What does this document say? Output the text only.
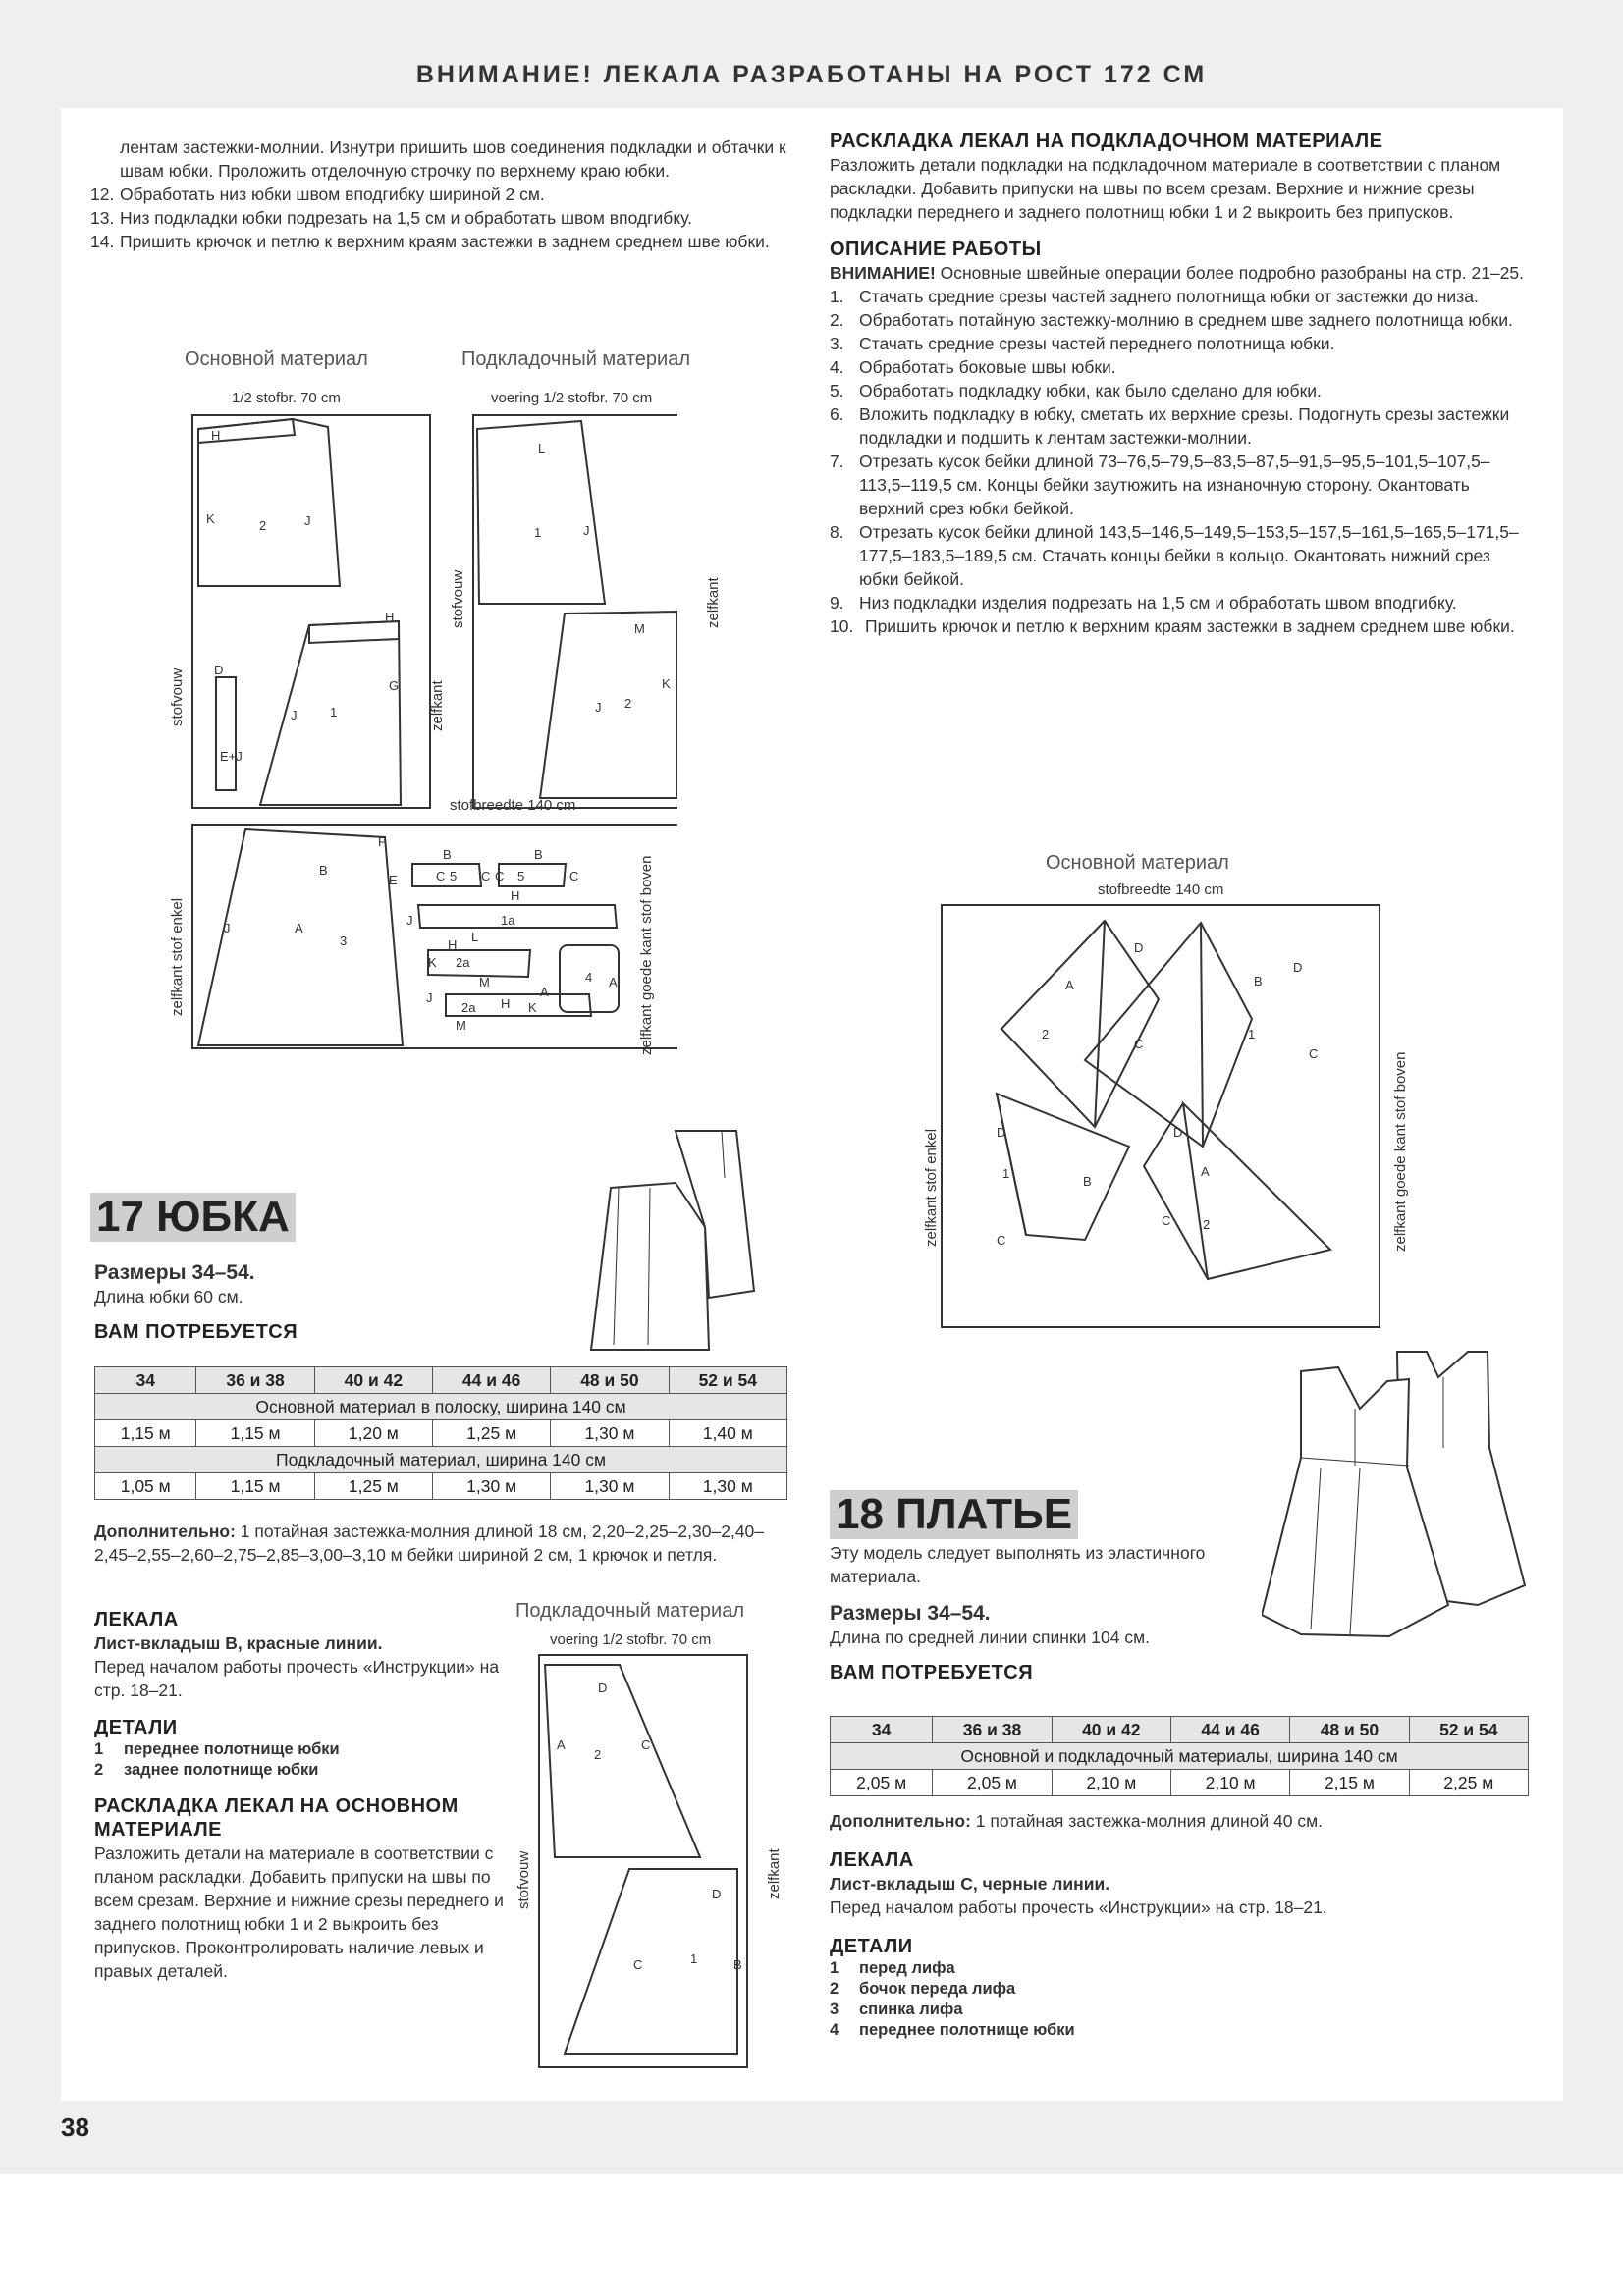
ВНИМАНИЕ! ЛЕКАЛА РАЗРАБОТАНЫ НА РОСТ 172 СМ

лентам застежки-молнии. Изнутри пришить шов соединения подкладки и обтачки к швам юбки. Проложить отделочную строчку по верхнему краю юбки.

12. Обработать низ юбки швом вподгибку шириной 2 см.
13. Низ подкладки юбки подрезать на 1,5 см и обработать швом вподгибку.
14. Пришить крючок и петлю к верхним краям застежки в заднем среднем шве юбки.
Основной материал	Подкладочный материал
1/2 stofbr. 70 cm	voering 1/2 stofbr. 70 cm
stofbreedte 140 cm
H
K	2	J
H
G
J	1
D
E+J
L
1	J
M
J 2
K
F
B
E
J	A
3
B	B
C 5 C C 5	C
H
1a
J
L
K 2a
H
M
J
2a H K
M
4
A
A
stofvouw	zelfkant
stofvouw	zelfkant
zelfkant stof enkel	zelfkant goede kant stof boven
РАСКЛАДКА ЛЕКАЛ НА ПОДКЛАДОЧНОМ МАТЕРИАЛЕ

Разложить детали подкладки на подкладочном материале в соответствии с планом раскладки. Добавить припуски на швы по всем срезам. Верхние и нижние срезы подкладки переднего и заднего полотнищ юбки 1 и 2 выкроить без припусков.

ОПИСАНИЕ РАБОТЫ

ВНИМАНИЕ! Основные швейные операции более подробно разобраны на стр. 21–25.

1. Стачать средние срезы частей заднего полотнища юбки от застежки до низа.
2. Обработать потайную застежку-молнию в среднем шве заднего полотнища юбки.
3. Стачать средние срезы частей переднего полотнища юбки.
4. Обработать боковые швы юбки.
5. Обработать подкладку юбки, как было сделано для юбки.
6. Вложить подкладку в юбку, сметать их верхние срезы. Подогнуть срезы застежки подкладки и подшить к лентам застежки-молнии.
7. Отрезать кусок бейки длиной 73–76,5–79,5–83,5–87,5–91,5–95,5–101,5–107,5–113,5–119,5 см. Концы бейки заутюжить на изнаночную сторону. Окантовать верхний срез юбки бейкой.
8. Отрезать кусок бейки длиной 143,5–146,5–149,5–153,5–157,5–161,5–165,5–171,5–177,5–183,5–189,5 см. Стачать концы бейки в кольцо. Окантовать нижний срез юбки бейкой.
9. Низ подкладки изделия подрезать на 1,5 см и обработать швом вподгибку.
10. Пришить крючок и петлю к верхним краям застежки в заднем среднем шве юбки.
Основной материал
stofbreedte 140 cm
D
A
2
C
D
B
1
C
D
1
B
C
D
A
C	2
zelfkant stof enkel	zelfkant goede kant stof boven
17 ЮБКА
Размеры 34–54.
Длина юбки 60 см.
ВАМ ПОТРЕБУЕТСЯ
34	36 и 38	40 и 42	44 и 46	48 и 50	52 и 54
Основной материал в полоску, ширина 140 см					
1,15 м	1,15 м	1,20 м	1,25 м	1,30 м	1,40 м
Подкладочный материал, ширина 140 см					
1,05 м	1,15 м	1,25 м	1,30 м	1,30 м	1,30 м

Дополнительно: 1 потайная застежка-молния длиной 18 см, 2,20–2,25–2,30–2,40–2,45–2,55–2,60–2,75–2,85–3,00–3,10 м бейки шириной 2 см, 1 крючок и петля.

ЛЕКАЛА
Лист-вкладыш В, красные линии.

Перед началом работы прочесть «Инструкции» на стр. 18–21.

ДЕТАЛИ
1	переднее полотнище юбки
2	заднее полотнище юбки
РАСКЛАДКА ЛЕКАЛ НА ОСНОВНОМ МАТЕРИАЛЕ

Разложить детали на материале в соответствии с планом раскладки. Добавить припуски на швы по всем срезам. Верхние и нижние срезы переднего и заднего полотнищ юбки 1 и 2 выкроить без припусков. Проконтролировать наличие левых и правых деталей.

Подкладочный материал
voering 1/2 stofbr. 70 cm
D
A
2
C
D
C	1	B
stofvouw	zelfkant
18 ПЛАТЬЕ

Эту модель следует выполнять из эластичного материала.

Размеры 34–54.
Длина по средней линии спинки 104 см.
ВАМ ПОТРЕБУЕТСЯ
34	36 и 38	40 и 42	44 и 46	48 и 50	52 и 54
Основной и подкладочный материалы, ширина 140 см					
2,05 м	2,05 м	2,10 м	2,10 м	2,15 м	2,25 м

Дополнительно: 1 потайная застежка-молния длиной 40 см.

ЛЕКАЛА
Лист-вкладыш С, черные линии.

Перед началом работы прочесть «Инструкции» на стр. 18–21.

ДЕТАЛИ
1	перед лифа
2	бочок переда лифа
3	спинка лифа
4	переднее полотнище юбки
38
